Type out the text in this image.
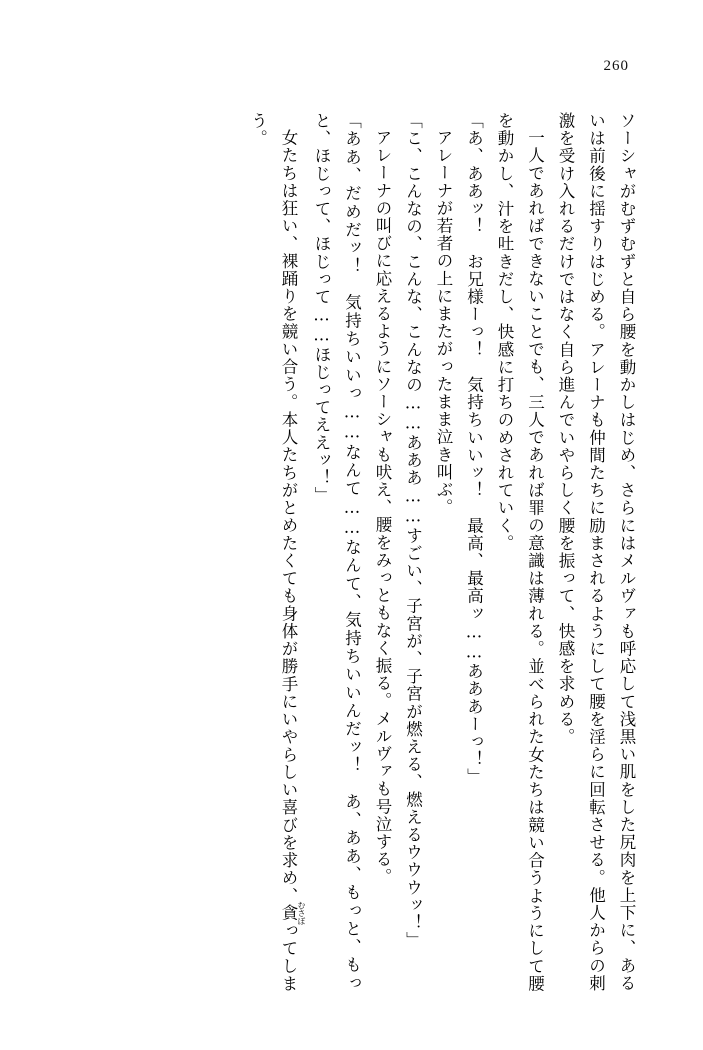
260

ソーシャがむずむずと自ら腰を動かしはじめ、さらにはメルヴァも呼応して浅黒い肌をした尻肉を上下に、あるいは前後に揺すりはじめる。アレーナも仲間たちに励まされるようにして腰を淫らに回転させる。他人からの刺激を受け入れるだけではなく自ら進んでいやらしく腰を振って、快感を求める。

一人であればできないことでも、三人であれば罪の意識は薄れる。並べられた女たちは競い合うようにして腰を動かし、汁を吐きだし、快感に打ちのめされていく。

「あ、ああッ！　お兄様ーっ！　気持ちいいッ！　最高、最高ッ……あああーっ！」

アレーナが若者の上にまたがったまま泣き叫ぶ。

「こ、こんなの、こんな、こんなの……あああ……すごい、子宮が、子宮が燃える、燃えるウウウッ！」

アレーナの叫びに応えるようにソーシャも吠え、腰をみっともなく振る。メルヴァも号泣する。

「ああ、だめだッ！　気持ちいいっ……なんて……なんて、気持ちいいんだッ！　あ、ああ、もっと、もっと、ほじって、ほじって……ほじってええッ！」

女たちは狂い、裸踊りを競い合う。本人たちがとめたくても身体が勝手にいやらしい喜びを求め、貪 むさぼってしまう。
